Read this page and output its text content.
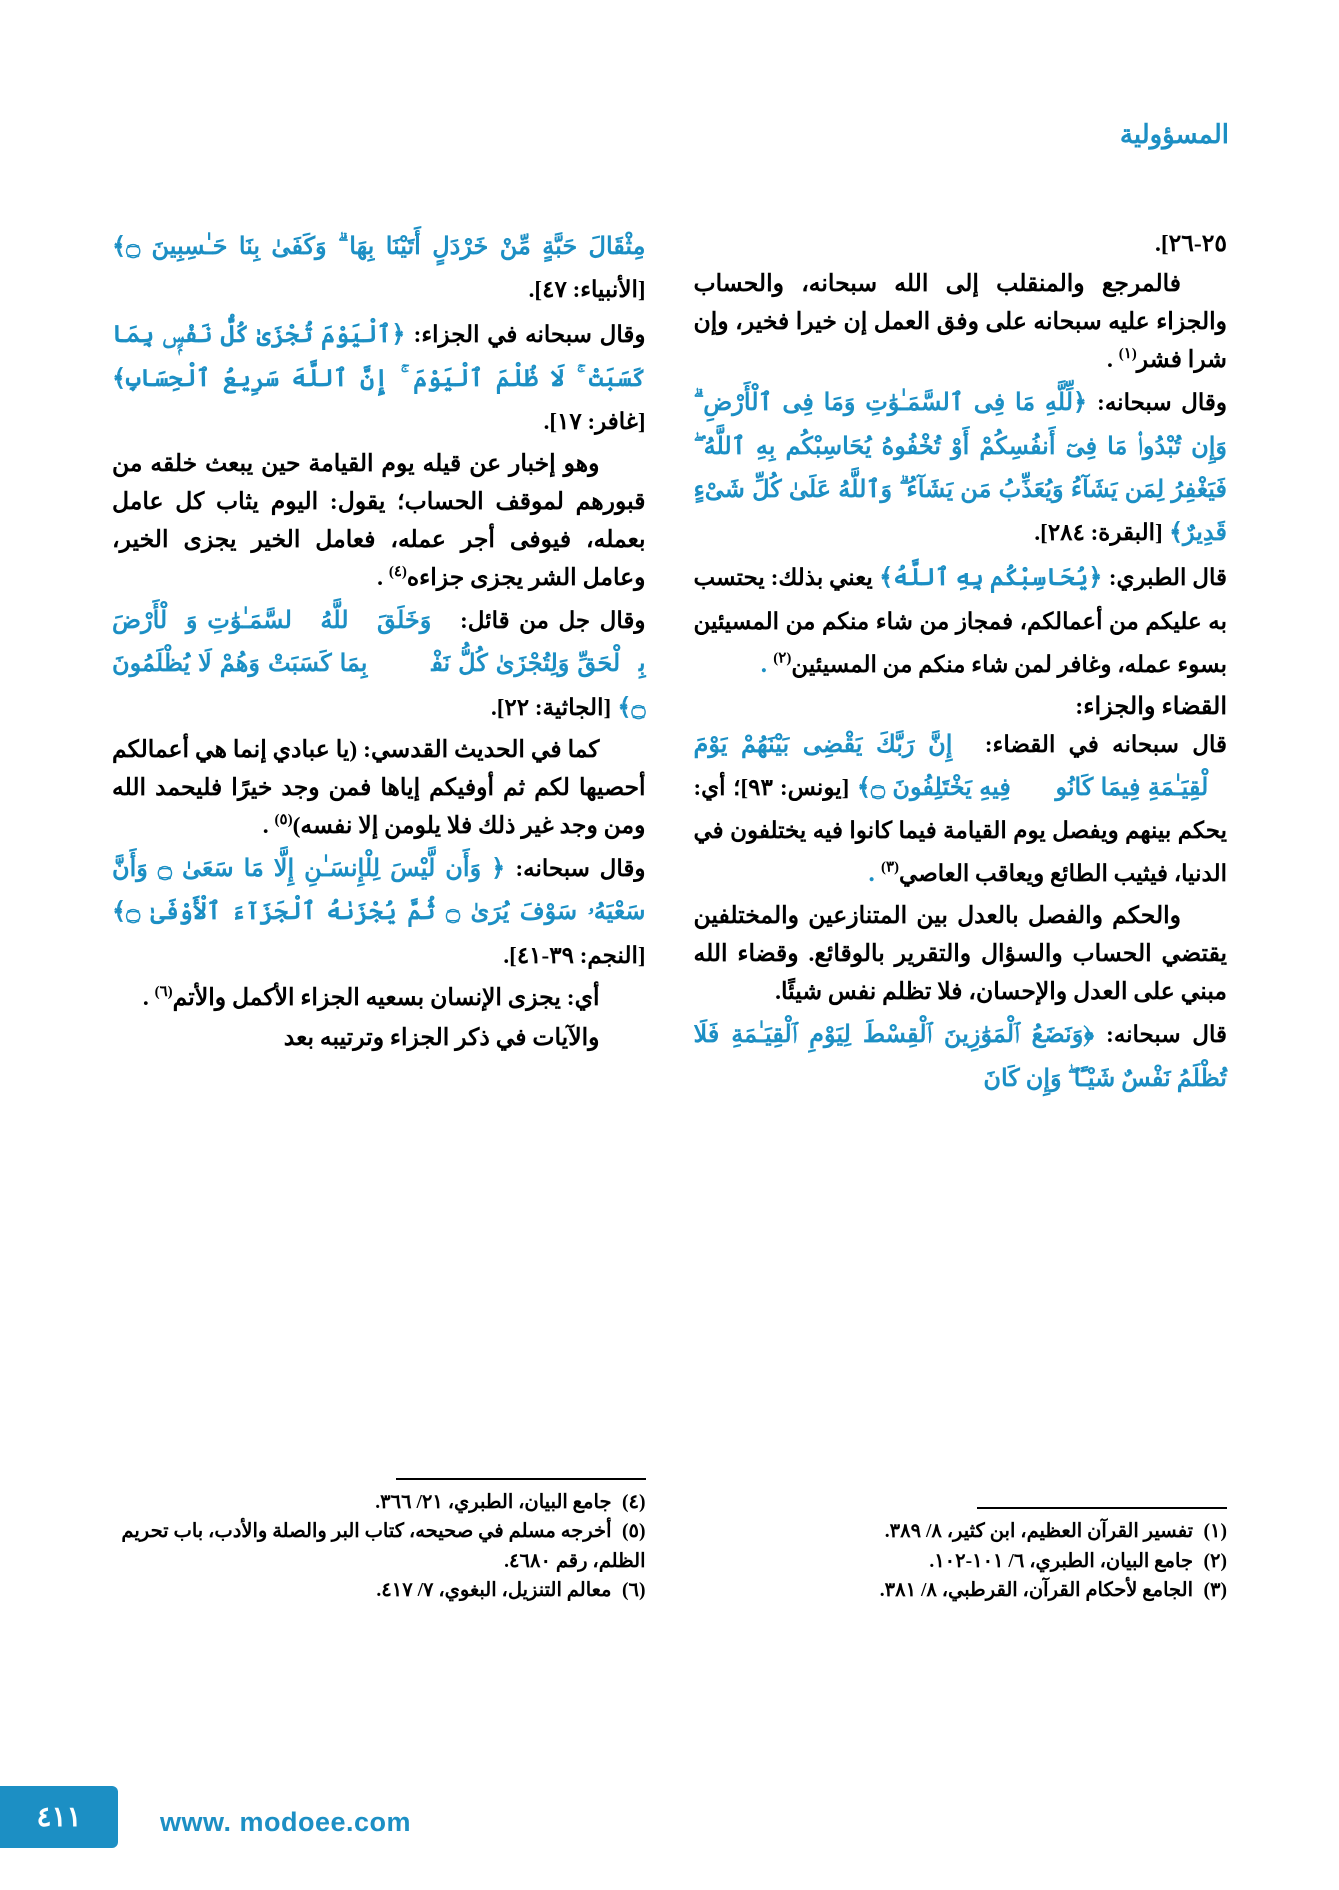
المسؤولية

٢٥-٢٦].

فالمرجع والمنقلب إلى الله سبحانه، والحساب والجزاء عليه سبحانه على وفق العمل إن خيرا فخير، وإن شرا فشر$^{(١)}$ .

وقال سبحانه: ﴿لِّلَّهِ مَا فِى ٱلسَّمَـٰوَٰتِ وَمَا فِى ٱلْأَرْضِ ۗ وَإِن تُبْدُوا۟ مَا فِىٓ أَنفُسِكُمْ أَوْ تُخْفُوهُ يُحَاسِبْكُم بِهِ ٱللَّهُ ۖ فَيَغْفِرُ لِمَن يَشَآءُ وَيُعَذِّبُ مَن يَشَآءُ ۗ وَٱللَّهُ عَلَىٰ كُلِّ شَىْءٍ قَدِيرٌ﴾ [البقرة: ٢٨٤].

قال الطبري: ﴿يُحَاسِبْكُم بِهِ ٱللَّهُ﴾ يعني بذلك: يحتسب به عليكم من أعمالكم، فمجاز من شاء منكم من المسيئين بسوء عمله، وغافر لمن شاء منكم من المسيئين$^{(٢)}$ .

القضاء والجزاء:

قال سبحانه في القضاء: ﴿إِنَّ رَبَّكَ يَقْضِى بَيْنَهُمْ يَوْمَ ٱلْقِيَـٰمَةِ فِيمَا كَانُوا۟ فِيهِ يَخْتَلِفُونَ ۝﴾ [يونس: ٩٣]؛ أي: يحكم بينهم ويفصل يوم القيامة فيما كانوا فيه يختلفون في الدنيا، فيثيب الطائع ويعاقب العاصي$^{(٣)}$ .

والحكم والفصل بالعدل بين المتنازعين والمختلفين يقتضي الحساب والسؤال والتقرير بالوقائع. وقضاء الله مبني على العدل والإحسان، فلا تظلم نفس شيئًا.

قال سبحانه: ﴿وَنَضَعُ ٱلْمَوَٰزِينَ ٱلْقِسْطَ لِيَوْمِ ٱلْقِيَـٰمَةِ فَلَا تُظْلَمُ نَفْسٌ شَيْـًٔا ۖ وَإِن كَانَ

(١)تفسير القرآن العظيم، ابن كثير، ٨/ ٣٨٩.

(٢)جامع البيان، الطبري، ٦/ ١٠١-١٠٢.

(٣)الجامع لأحكام القرآن، القرطبي، ٨/ ٣٨١.

مِثْقَالَ حَبَّةٍ مِّنْ خَرْدَلٍ أَتَيْنَا بِهَا ۗ وَكَفَىٰ بِنَا حَـٰسِبِينَ ۝﴾ [الأنبياء: ٤٧].

وقال سبحانه في الجزاء: ﴿ٱلْيَوْمَ تُجْزَىٰ كُلُّ نَفْسٍۭ بِمَا كَسَبَتْ ۚ لَا ظُلْمَ ٱلْيَوْمَ ۚ إِنَّ ٱللَّهَ سَرِيعُ ٱلْحِسَابِ﴾ [غافر: ١٧].

وهو إخبار عن قيله يوم القيامة حين يبعث خلقه من قبورهم لموقف الحساب؛ يقول: اليوم يثاب كل عامل بعمله، فيوفى أجر عمله، فعامل الخير يجزى الخير، وعامل الشر يجزى جزاءه$^{(٤)}$ .

وقال جل من قائل: ﴿وَخَلَقَ ٱللَّهُ ٱلسَّمَـٰوَٰتِ وَٱلْأَرْضَ بِٱلْحَقِّ وَلِتُجْزَىٰ كُلُّ نَفْسٍۭ بِمَا كَسَبَتْ وَهُمْ لَا يُظْلَمُونَ ۝﴾ [الجاثية: ٢٢].

كما في الحديث القدسي: (يا عبادي إنما هي أعمالكم أحصيها لكم ثم أوفيكم إياها فمن وجد خيرًا فليحمد الله ومن وجد غير ذلك فلا يلومن إلا نفسه)$^{(٥)}$ .

وقال سبحانه: ﴿ وَأَن لَّيْسَ لِلْإِنسَـٰنِ إِلَّا مَا سَعَىٰ ۝ وَأَنَّ سَعْيَهُۥ سَوْفَ يُرَىٰ ۝ ثُمَّ يُجْزَىٰهُ ٱلْجَزَآءَ ٱلْأَوْفَىٰ ۝﴾ [النجم: ٣٩-٤١].

أي: يجزى الإنسان بسعيه الجزاء الأكمل والأتم$^{(٦)}$ .

والآيات في ذكر الجزاء وترتيبه بعد

(٤)جامع البيان، الطبري، ٢١/ ٣٦٦.

(٥)أخرجه مسلم في صحيحه، كتاب البر والصلة والأدب، باب تحريم الظلم، رقم ٤٦٨٠.

(٦)معالم التنزيل، البغوي، ٧/ ٤١٧.

٤١١	www. modoee.com
